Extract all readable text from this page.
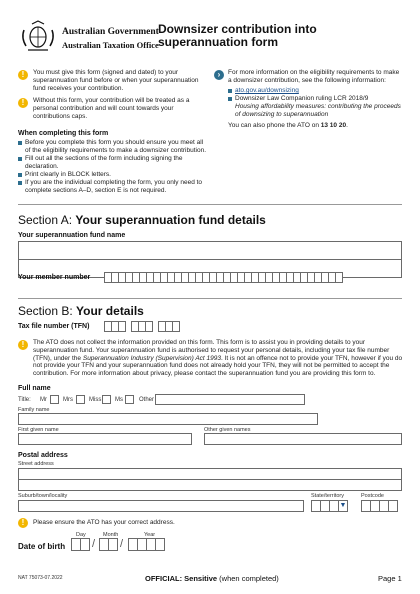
Australian Government
Australian Taxation Office
Downsizer contribution into superannuation form
!	You must give this form (signed and dated) to your superannuation fund before or when your superannuation fund receives your contribution.
!	Without this form, your contribution will be treated as a personal contribution and will count towards your contributions caps.
When completing this form
Before you complete this form you should ensure you meet all of the eligibility requirements to make a downsizer contribution.
Fill out all the sections of the form including signing the declaration.
Print clearly in BLOCK letters.
If you are the individual completing the form, you only need to complete sections A–D, section E is not required.
›	For more information on the eligibility requirements to make a downsizer contribution, see the following information:
ato.gov.au/downsizing
Downsizer Law Companion ruling LCR 2018/9
Housing affordability measures: contributing the proceeds of downsizing to superannuation
You can also phone the ATO on 13 10 20.
Section A: Your superannuation fund details
Your superannuation fund name
Your member number
Section B: Your details
Tax file number (TFN)
!	The ATO does not collect the information provided on this form. This form is to assist you in providing details to your superannuation fund. Your superannuation fund is authorised to request your personal details, including your tax file number (TFN), under the Superannuation Industry (Supervision) Act 1993. It is not an offence not to provide your TFN, however if you do not provide your TFN and your superannuation fund does not already hold your TFN, they will not be permitted to accept the contribution. For more information about privacy, please contact the superannuation fund you are providing this form to.
Full name
Title: Mr	Mrs	Miss Ms	Other
Family name
First given name	Other given names
Postal address
Street address
Suburb/town/locality	State/territory
▼
Postcode
!	Please ensure the ATO has your correct address.
Date of birth
Day
/
Month
/
Year
NAT 75073-07.2022	OFFICIAL: Sensitive (when completed)	Page 1
